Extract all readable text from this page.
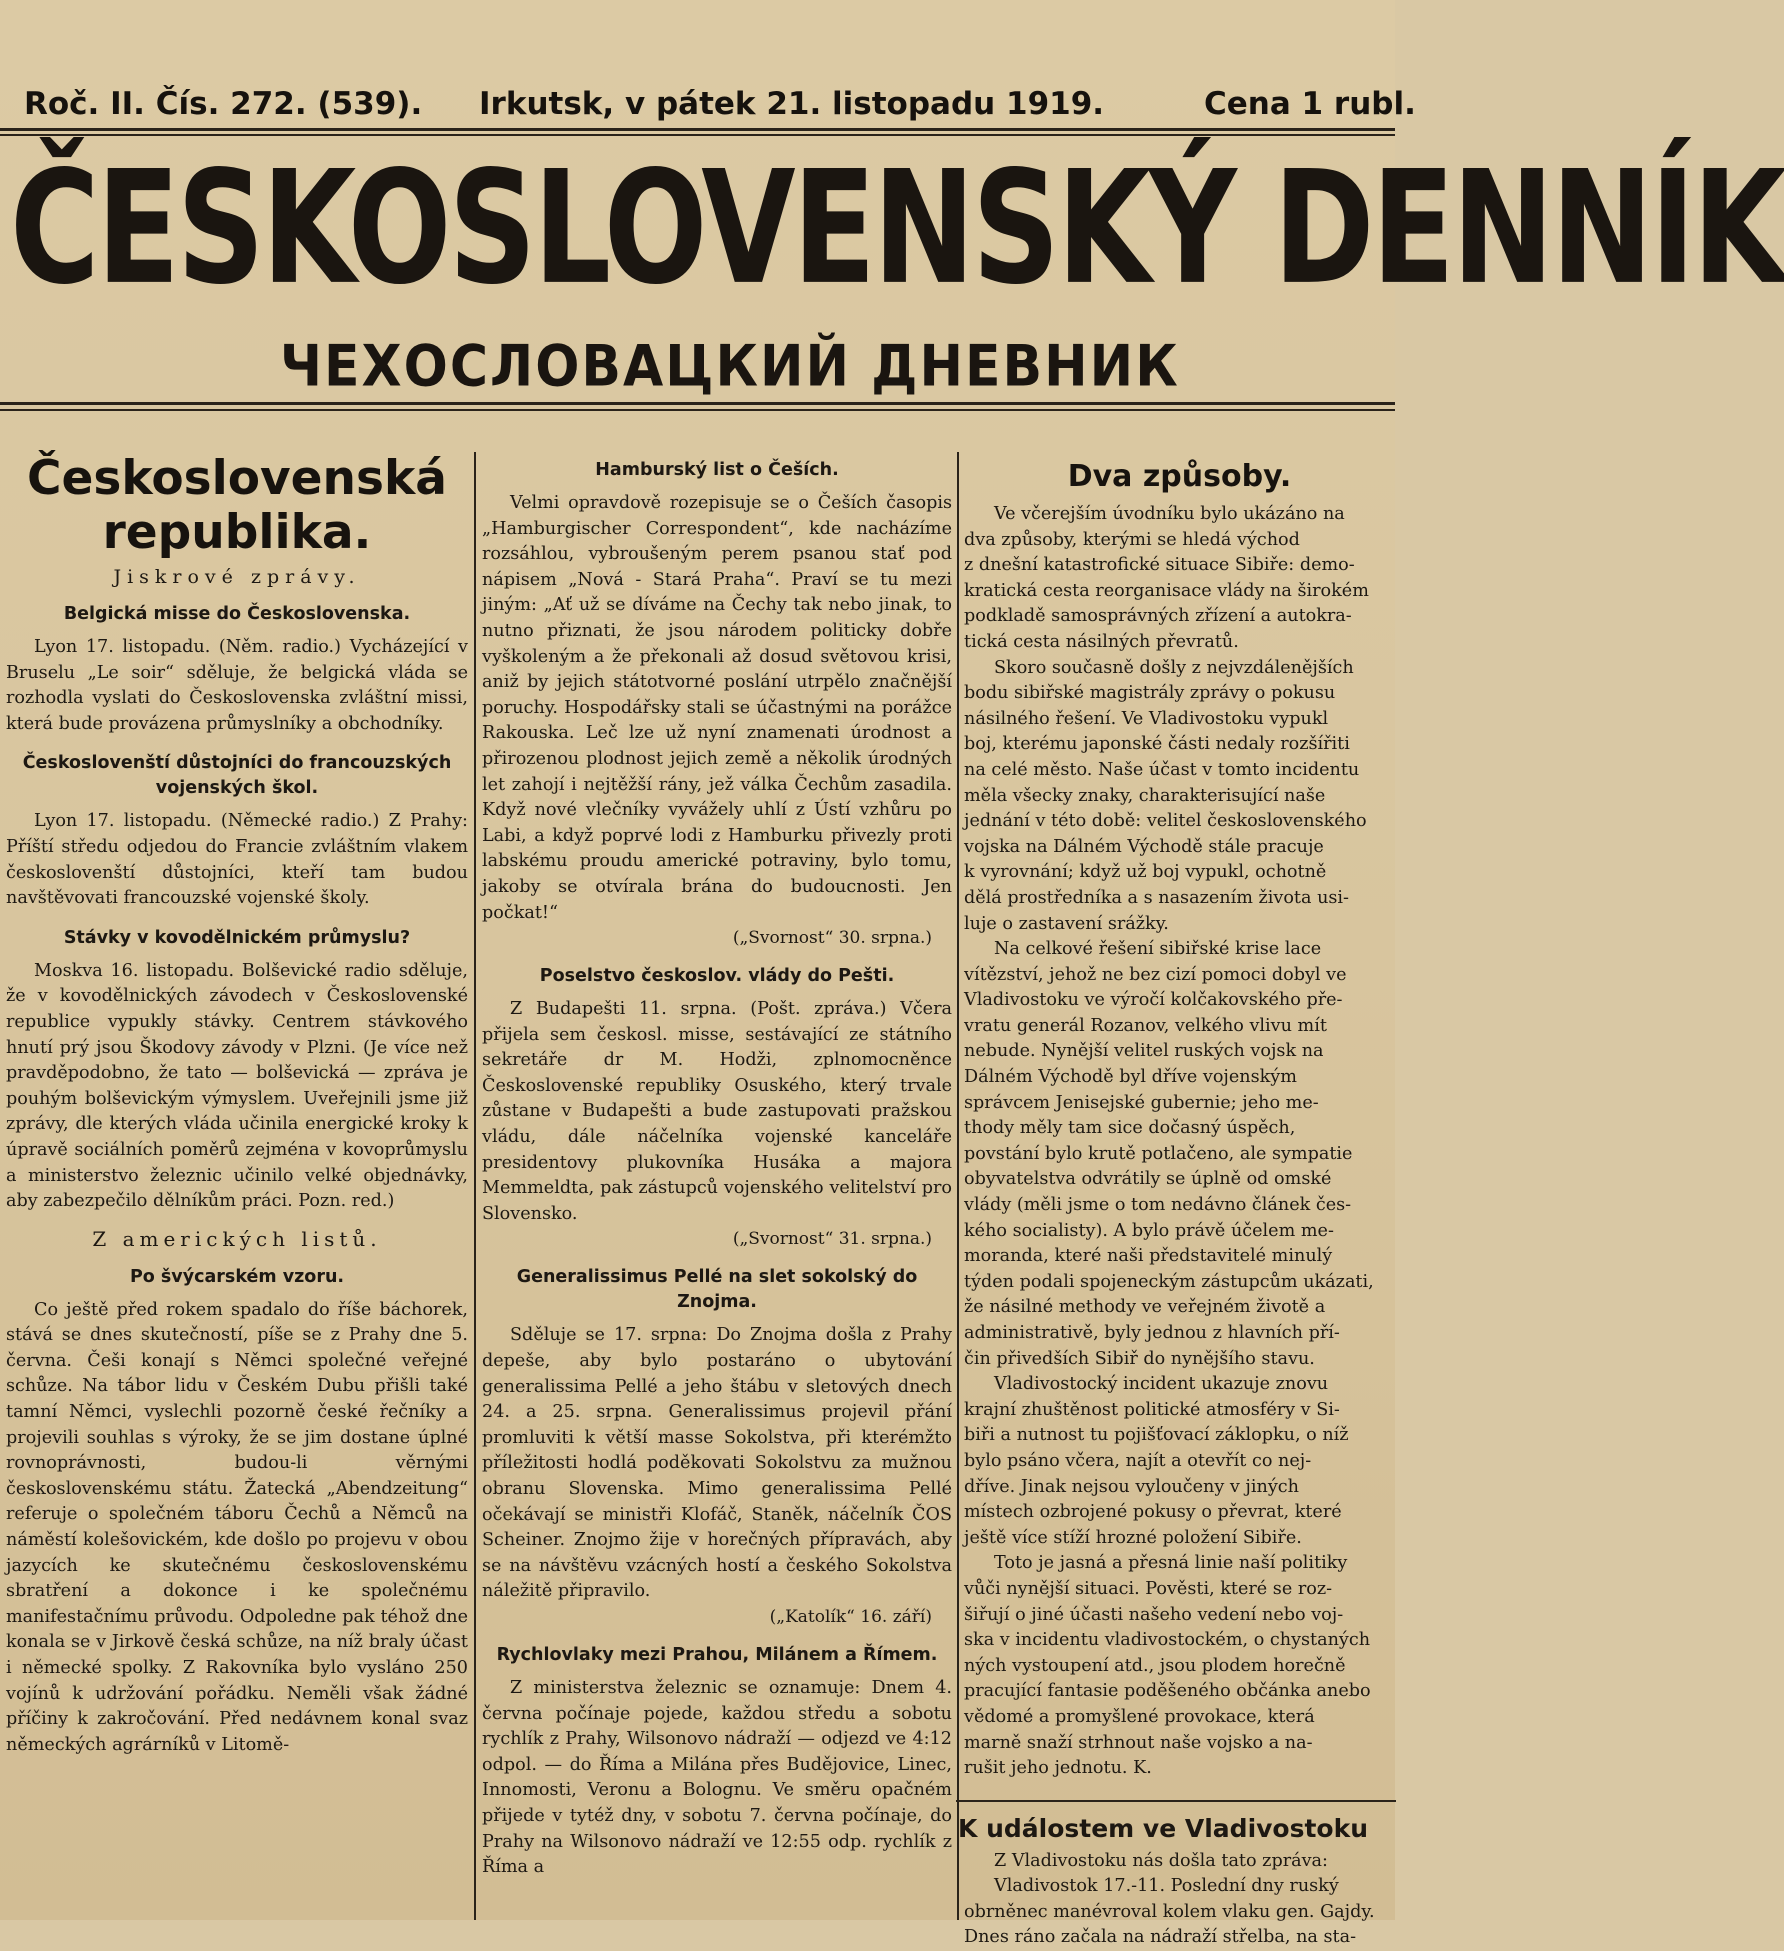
Roč. II. Čís. 272. (539). Irkutsk, v pátek 21. listopadu 1919.	Cena 1 rubl.
ČESKOSLOVENSKÝ DENNÍK
ЧЕХОСЛОВАЦКИЙ ДНЕВНИК
Československá republika.
Jiskrové zprávy.
Belgická misse do Československa.

Lyon 17. listopadu. (Něm. radio.) Vycházející v Bruselu „Le soir“ sděluje, že belgická vláda se rozhodla vyslati do Československa zvláštní missi, která bude provázena průmyslníky a obchodníky.

Českoslovenští důstojníci do francouzských vojenských škol.

Lyon 17. listopadu. (Německé radio.) Z Prahy: Příští středu odjedou do Francie zvláštním vlakem českoslovenští důstojníci, kteří tam budou navštěvovati francouzské vojenské školy.

Stávky v kovodělnickém průmyslu?

Moskva 16. listopadu. Bolševické radio sděluje, že v kovodělnických závodech v Československé republice vypukly stávky. Centrem stávkového hnutí prý jsou Škodovy závody v Plzni. (Je více než pravděpodobno, že tato — bolševická — zpráva je pouhým bolševickým výmyslem. Uveřejnili jsme již zprávy, dle kterých vláda učinila energické kroky k úpravě sociálních poměrů zejména v kovoprůmyslu a ministerstvo železnic učinilo velké objednávky, aby zabezpečilo dělníkům práci. Pozn. red.)

Z amerických listů.
Po švýcarském vzoru.

Co ještě před rokem spadalo do říše báchorek, stává se dnes skutečností, píše se z Prahy dne 5. června. Češi konají s Němci společné veřejné schůze. Na tábor lidu v Českém Dubu přišli také tamní Němci, vyslechli pozorně české řečníky a projevili souhlas s výroky, že se jim dostane úplné rovnoprávnosti, budou-li věrnými československému státu. Žatecká „Abendzeitung“ referuje o společném táboru Čechů a Němců na náměstí kolešovickém, kde došlo po projevu v obou jazycích ke skutečnému československému sbratření a dokonce i ke společnému manifestačnímu průvodu. Odpoledne pak téhož dne konala se v Jirkově česká schůze, na níž braly účast i německé spolky. Z Rakovníka bylo vysláno 250 vojínů k udržování pořádku. Neměli však žádné příčiny k zakročování. Před nedávnem konal svaz německých agrárníků v Litomě-

Hamburský list o Češích.

Velmi opravdově rozepisuje se o Češích časopis „Hamburgischer Correspondent“, kde nacházíme rozsáhlou, vybroušeným perem psanou stať pod nápisem „Nová - Stará Praha“. Praví se tu mezi jiným: „Ať už se díváme na Čechy tak nebo jinak, to nutno přiznati, že jsou národem politicky dobře vyškoleným a že překonali až dosud světovou krisi, aniž by jejich státotvorné poslání utrpělo značnější poruchy. Hospodářsky stali se účastnými na porážce Rakouska. Leč lze už nyní znamenati úrodnost a přirozenou plodnost jejich země a několik úrodných let zahojí i nejtěžší rány, jež válka Čechům zasadila. Když nové vlečníky vyvážely uhlí z Ústí vzhůru po Labi, a když poprvé lodi z Hamburku přivezly proti labskému proudu americké potraviny, bylo tomu, jakoby se otvírala brána do budoucnosti. Jen počkat!“

(„Svornost“ 30. srpna.)

Poselstvo českoslov. vlády do Pešti.

Z Budapešti 11. srpna. (Pošt. zpráva.) Včera přijela sem českosl. misse, sestávající ze státního sekretáře dr M. Hodži, zplnomocněnce Československé republiky Osuského, který trvale zůstane v Budapešti a bude zastupovati pražskou vládu, dále náčelníka vojenské kanceláře presidentovy plukovníka Husáka a majora Memmeldta, pak zástupců vojenského velitelství pro Slovensko.

(„Svornost“ 31. srpna.)

Generalissimus Pellé na slet sokolský do Znojma.

Sděluje se 17. srpna: Do Znojma došla z Prahy depeše, aby bylo postaráno o ubytování generalissima Pellé a jeho štábu v sletových dnech 24. a 25. srpna. Generalissimus projevil přání promluviti k větší masse Sokolstva, při kterémžto příležitosti hodlá poděkovati Sokolstvu za mužnou obranu Slovenska. Mimo generalissima Pellé očekávají se ministři Klofáč, Staněk, náčelník ČOS Scheiner. Znojmo žije v horečných přípravách, aby se na návštěvu vzácných hostí a českého Sokolstva náležitě připravilo.

(„Katolík“ 16. září)

Rychlovlaky mezi Prahou, Milánem a Římem.

Z ministerstva železnic se oznamuje: Dnem 4. června počínaje pojede, každou středu a sobotu rychlík z Prahy, Wilsonovo nádraží — odjezd ve 4:12 odpol. — do Říma a Milána přes Budějovice, Linec, Innomosti, Veronu a Bolognu. Ve směru opačném přijede v tytéž dny, v sobotu 7. června počínaje, do Prahy na Wilsonovo nádraží ve 12:55 odp. rychlík z Říma a

Dva způsoby.

Ve včerejším úvodníku bylo ukázáno na

dva způsoby, kterými se hledá východ

z dnešní katastrofické situace Sibiře: demo-

kratická cesta reorganisace vlády na širokém

podkladě samosprávných zřízení a autokra-

tická cesta násilných převratů.

Skoro současně došly z nejvzdálenějších

bodu sibiřské magistrály zprávy o pokusu

násilného řešení. Ve Vladivostoku vypukl

boj, kterému japonské části nedaly rozšířiti

na celé město. Naše účast v tomto incidentu

měla všecky znaky, charakterisující naše

jednání v této době: velitel československého

vojska na Dálném Východě stále pracuje

k vyrovnání; když už boj vypukl, ochotně

dělá prostředníka a s nasazením života usi-

luje o zastavení srážky.

Na celkové řešení sibiřské krise lace

vítězství, jehož ne bez cizí pomoci dobyl ve

Vladivostoku ve výročí kolčakovského pře-

vratu generál Rozanov, velkého vlivu mít

nebude. Nynější velitel ruských vojsk na

Dálném Východě byl dříve vojenským

správcem Jenisejské gubernie; jeho me-

thody měly tam sice dočasný úspěch,

povstání bylo krutě potlačeno, ale sympatie

obyvatelstva odvrátily se úplně od omské

vlády (měli jsme o tom nedávno článek čes-

kého socialisty). A bylo právě účelem me-

moranda, které naši představitelé minulý

týden podali spojeneckým zástupcům ukázati,

že násilné methody ve veřejném životě a

administrativě, byly jednou z hlavních pří-

čin přivedších Sibiř do nynějšího stavu.

Vladivostocký incident ukazuje znovu

krajní zhuštěnost politické atmosféry v Si-

biři a nutnost tu pojišťovací záklopku, o níž

bylo psáno včera, najít a otevřít co nej-

dříve. Jinak nejsou vyloučeny v jiných

místech ozbrojené pokusy o převrat, které

ještě více stíží hrozné položení Sibiře.

Toto je jasná a přesná linie naší politiky

vůči nynější situaci. Pověsti, které se roz-

šiřují o jiné účasti našeho vedení nebo voj-

ska v incidentu vladivostockém, o chystaných

ných vystoupení atd., jsou plodem horečně

pracující fantasie poděšeného občánka anebo

vědomé a promyšlené provokace, která

marně snaží strhnout naše vojsko a na-

rušit jeho jednotu. K.

K událostem ve Vladivostoku

Z Vladivostoku nás došla tato zpráva:

Vladivostok 17.-11. Poslední dny ruský

obrněnec manévroval kolem vlaku gen. Gajdy.

Dnes ráno začala na nádraží střelba, na sta-
